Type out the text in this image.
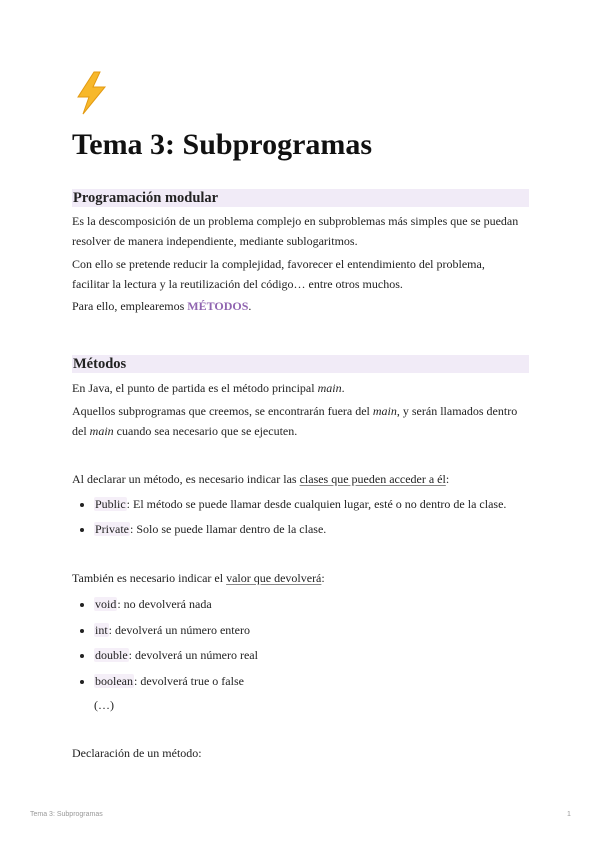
Tema 3: Subprogramas
Programación modular
Es la descomposición de un problema complejo en subproblemas más simples que se puedan
resolver de manera independiente, mediante sublogaritmos.
Con ello se pretende reducir la complejidad, favorecer el entendimiento del problema,
facilitar la lectura y la reutilización del código… entre otros muchos.
Para ello, emplearemos MÉTODOS.
Métodos
En Java, el punto de partida es el método principal main.
Aquellos subprogramas que creemos, se encontrarán fuera del main, y serán llamados dentro
del main cuando sea necesario que se ejecuten.
Al declarar un método, es necesario indicar las clases que pueden acceder a él:
Public: El método se puede llamar desde cualquien lugar, esté o no dentro de la clase.
Private: Solo se puede llamar dentro de la clase.
También es necesario indicar el valor que devolverá:
void: no devolverá nada
int: devolverá un número entero
double: devolverá un número real
boolean: devolverá true o false
(…)
Declaración de un método:
Tema 3: Subprogramas	1
